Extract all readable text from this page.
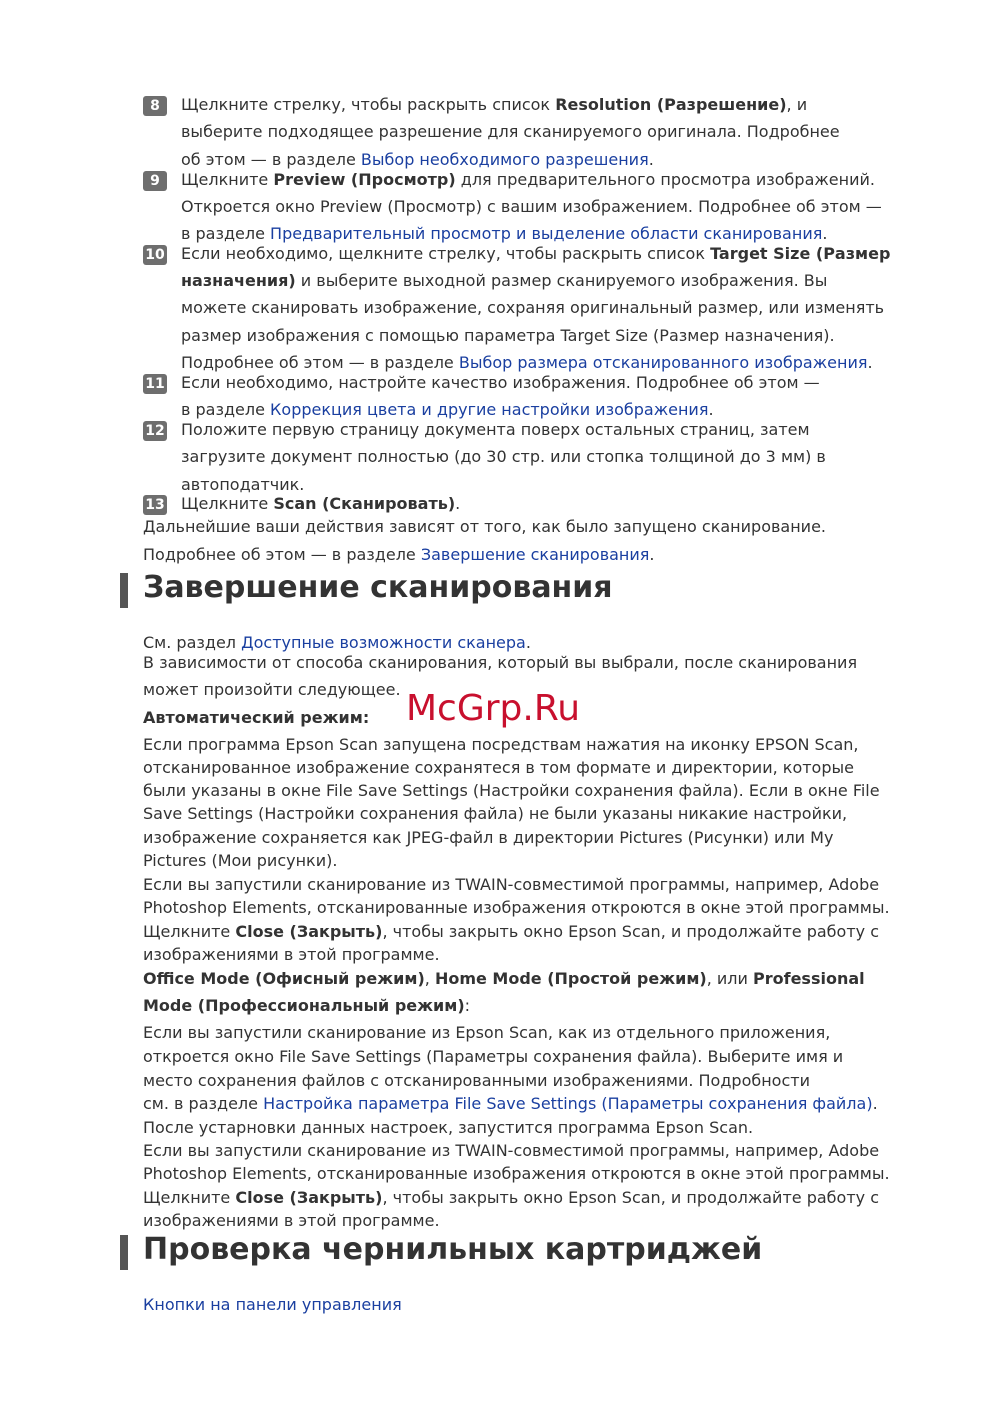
8
9
10
11
12
13
Щелкните стрелку, чтобы раскрыть список Resolution (Разрешение), и
выберите подходящее разрешение для сканируемого оригинала. Подробнее
об этом — в разделе Выбор необходимого разрешения.
Щелкните Preview (Просмотр) для предварительного просмотра изображений.
Откроется окно Preview (Просмотр) с вашим изображением. Подробнее об этом —
в разделе Предварительный просмотр и выделение области сканирования.
Если необходимо, щелкните стрелку, чтобы раскрыть список Target Size (Размер
назначения) и выберите выходной размер сканируемого изображения. Вы
можете сканировать изображение, сохраняя оригинальный размер, или изменять
размер изображения с помощью параметра Target Size (Размер назначения).
Подробнее об этом — в разделе Выбор размера отсканированного изображения.
Если необходимо, настройте качество изображения. Подробнее об этом —
в разделе Коррекция цвета и другие настройки изображения.
Положите первую страницу документа поверх остальных страниц, затем
загрузите документ полностью (до 30 стр. или стопка толщиной до 3 мм) в
автоподатчик.
Щелкните Scan (Сканировать).
Дальнейшие ваши действия зависят от того, как было запущено сканирование.
Подробнее об этом — в разделе Завершение сканирования.
Завершение сканирования
См. раздел Доступные возможности сканера.
В зависимости от способа сканирования, который вы выбрали, после сканирования
может произойти следующее.
Автоматический режим:
Если программа Epson Scan запущена посредствам нажатия на иконку EPSON Scan,
отсканированное изображение сохранятеся в том формате и директории, которые
были указаны в окне File Save Settings (Настройки сохранения файла). Если в окне File
Save Settings (Настройки сохранения файла) не были указаны никакие настройки,
изображение сохраняется как JPEG-файл в директории Pictures (Рисунки) или My
Pictures (Мои рисунки).
Если вы запустили сканирование из TWAIN-совместимой программы, например, Adobe
Photoshop Elements, отсканированные изображения откроются в окне этой программы.
Щелкните Close (Закрыть), чтобы закрыть окно Epson Scan, и продолжайте работу с
изображениями в этой программе.
Office Mode (Офисный режим), Home Mode (Простой режим), или Professional
Mode (Профессиональный режим):
Если вы запустили сканирование из Epson Scan, как из отдельного приложения,
откроется окно File Save Settings (Параметры сохранения файла). Выберите имя и
место сохранения файлов с отсканированными изображениями. Подробности
см. в разделе Настройка параметра File Save Settings (Параметры сохранения файла).
После устарновки данных настроек, запустится программа Epson Scan.
Если вы запустили сканирование из TWAIN-совместимой программы, например, Adobe
Photoshop Elements, отсканированные изображения откроются в окне этой программы.
Щелкните Close (Закрыть), чтобы закрыть окно Epson Scan, и продолжайте работу с
изображениями в этой программе.
Проверка чернильных картриджей
Кнопки на панели управления
McGrp.Ru
